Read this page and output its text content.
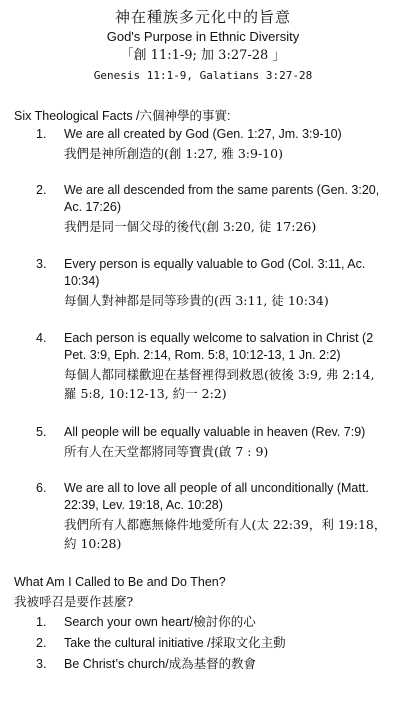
神在種族多元化中的旨意
God's Purpose in Ethnic Diversity
「創 11:1-9; 加 3:27-28 」
Genesis 11:1-9, Galatians 3:27-28
Six Theological Facts /六個神學的事實:
1. We are all created by God (Gen. 1:27, Jm. 3:9-10)
我們是神所創造的(創 1:27, 雅 3:9-10)
2. We are all descended from the same parents (Gen. 3:20, Ac. 17:26)
我們是同一個父母的後代(創 3:20, 徒 17:26)
3. Every person is equally valuable to God (Col. 3:11, Ac. 10:34)
每個人對神都是同等珍貴的(西 3:11, 徒 10:34)
4. Each person is equally welcome to salvation in Christ (2 Pet. 3:9, Eph. 2:14, Rom. 5:8, 10:12-13, 1 Jn. 2:2)
每個人都同樣歡迎在基督裡得到救恩(彼後 3:9, 弗 2:14, 羅 5:8, 10:12-13, 約一 2:2)
5. All people will be equally valuable in heaven (Rev. 7:9)
所有人在天堂都將同等寶貴(啟 7 : 9)
6. We are all to love all people of all unconditionally (Matt. 22:39, Lev. 19:18, Ac. 10:28)
我們所有人都應無條件地愛所有人(太 22:39，利 19:18，約 10:28)
What Am I Called to Be and Do Then?
我被呼召是要作甚麼?
1. Search your own heart/檢討你的心
2. Take the cultural initiative /採取文化主動
3. Be Christ’s church/成為基督的教會
